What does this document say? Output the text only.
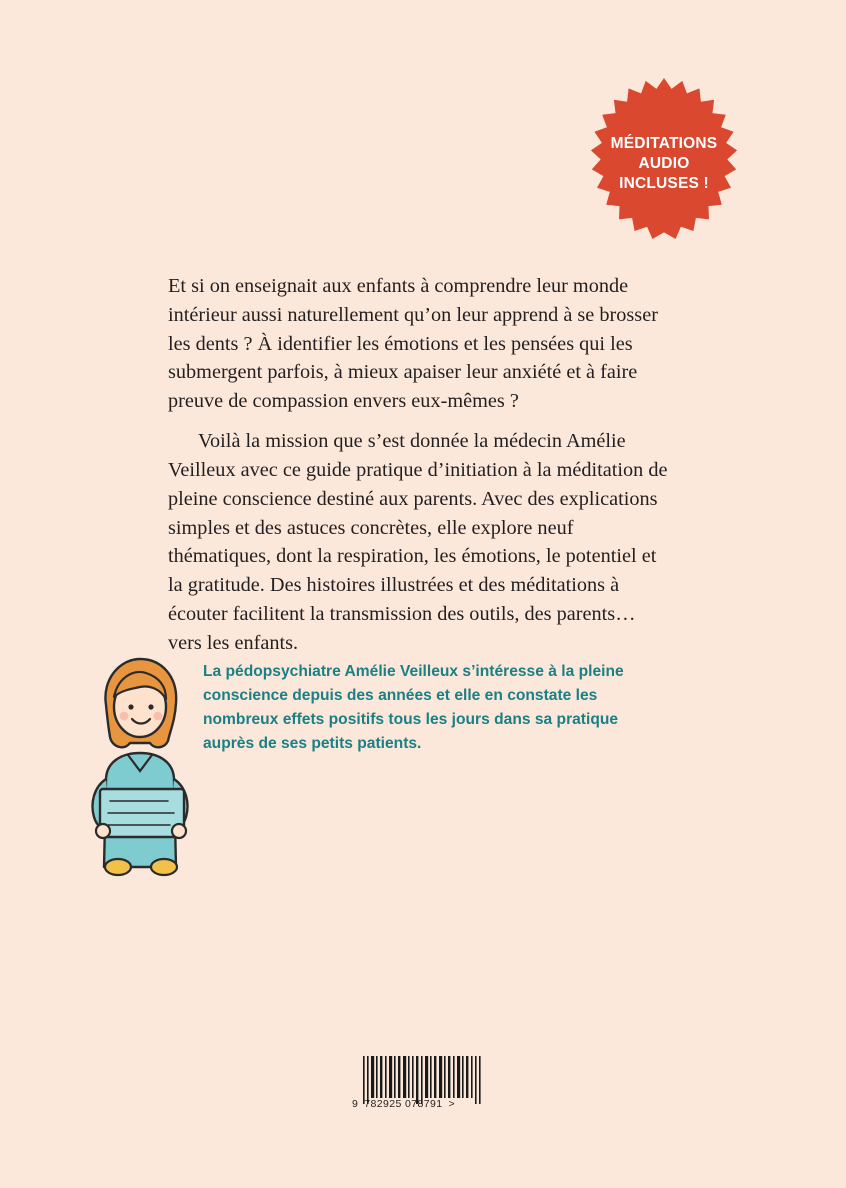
MÉDITATIONS
AUDIO
INCLUSES !

Et si on enseignait aux enfants à comprendre leur monde intérieur aussi naturellement qu’on leur apprend à se brosser les dents ? À identifier les émotions et les pensées qui les submergent parfois, à mieux apaiser leur anxiété et à faire preuve de compassion envers eux-mêmes ?

Voilà la mission que s’est donnée la médecin Amélie Veilleux avec ce guide pratique d’initiation à la méditation de pleine conscience destiné aux parents. Avec des explications simples et des astuces concrètes, elle explore neuf thématiques, dont la respiration, les émotions, le potentiel et la gratitude. Des histoires illustrées et des méditations à écouter facilitent la transmission des outils, des parents… vers les enfants.

La pédopsychiatre Amélie Veilleux s’intéresse à la pleine conscience depuis des années et elle en constate les nombreux effets positifs tous les jours dans sa pratique auprès de ses petits patients.
9 782925 078791 >
